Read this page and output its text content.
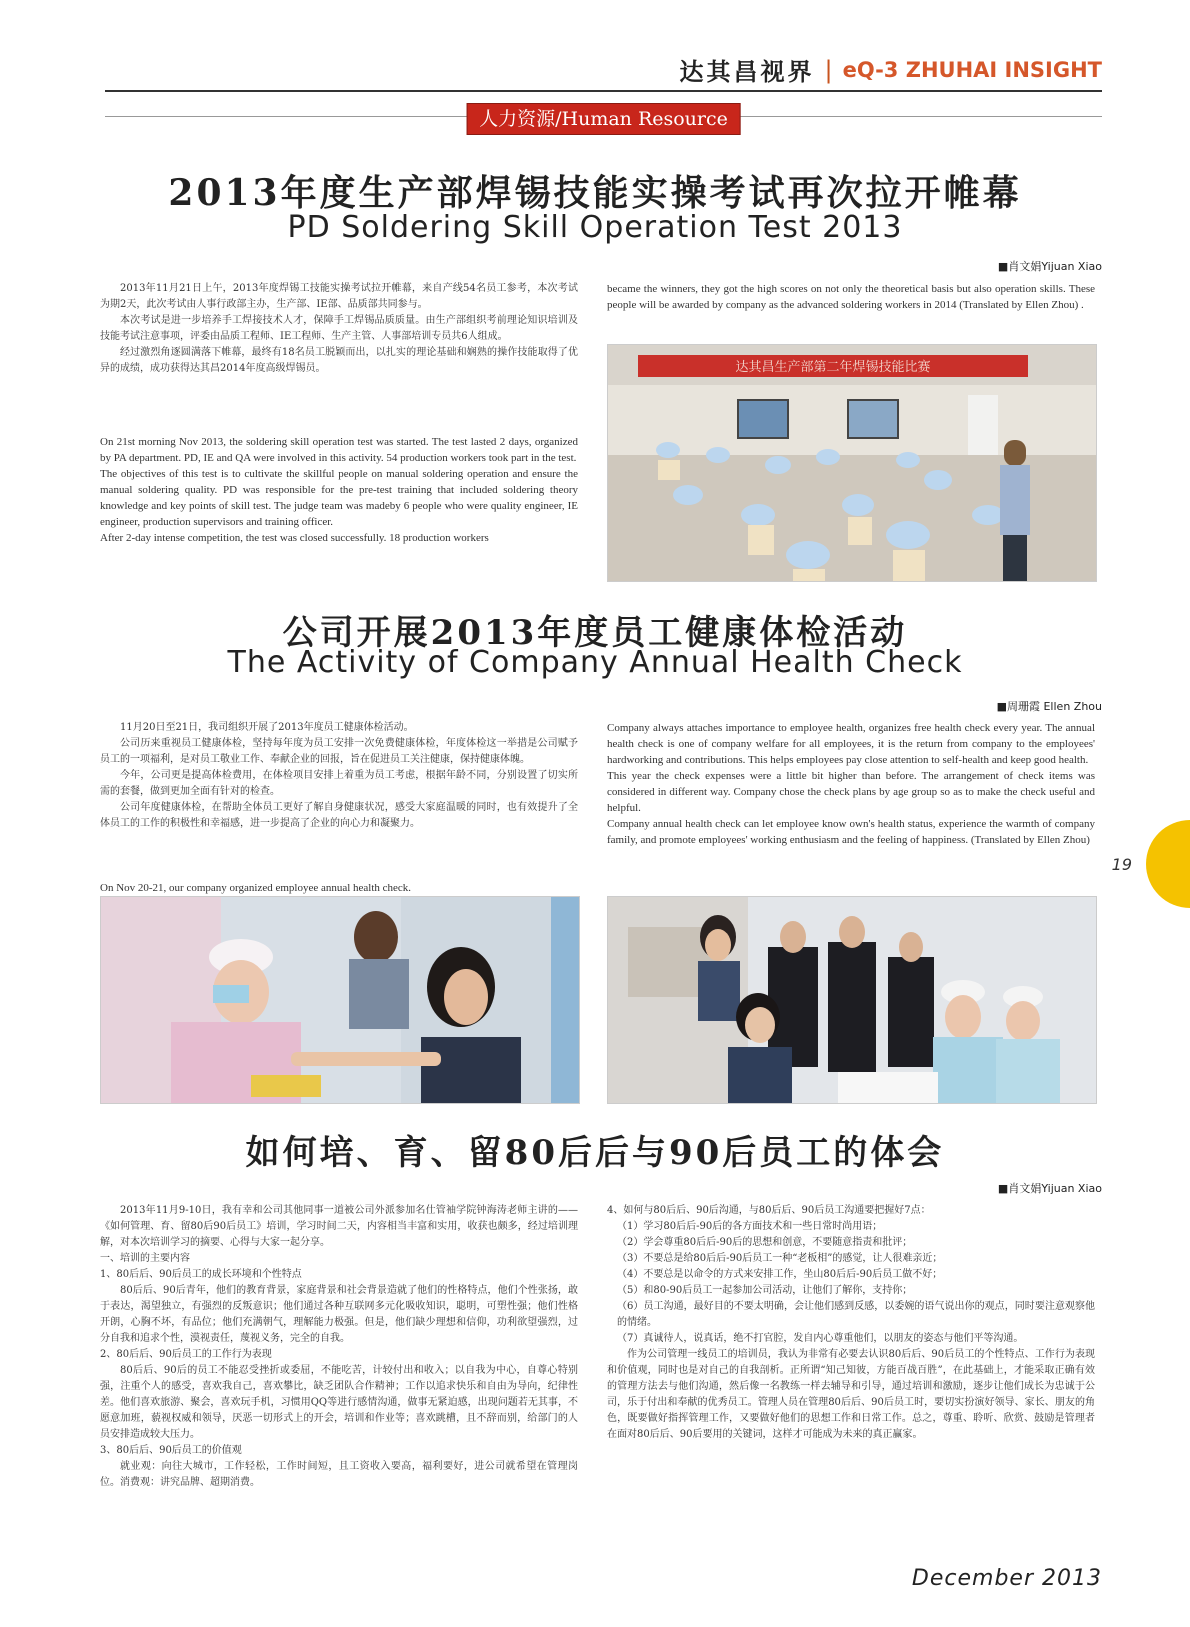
达其昌视界 | eQ-3 ZHUHAI INSIGHT
人力资源/Human Resource
2013年度生产部焊锡技能实操考试再次拉开帷幕
PD Soldering Skill Operation Test 2013
■肖文娟Yijuan Xiao

2013年11月21日上午，2013年度焊锡工技能实操考试拉开帷幕，来自产线54名员工参考，本次考试为期2天，此次考试由人事行政部主办，生产部、IE部、品质部共同参与。

本次考试是进一步培养手工焊接技术人才，保障手工焊锡品质质量。由生产部组织考前理论知识培训及技能考试注意事项，评委由品质工程师、IE工程师、生产主管、人事部培训专员共6人组成。

经过激烈角逐圆满落下帷幕，最终有18名员工脱颖而出，以扎实的理论基础和娴熟的操作技能取得了优异的成绩，成功获得达其昌2014年度高级焊锡员。

On 21st morning Nov 2013, the soldering skill operation test was started. The test lasted 2 days, organized by PA department. PD, IE and QA were involved in this activity. 54 production workers took part in the test.

The objectives of this test is to cultivate the skillful people on manual soldering operation and ensure the manual soldering quality. PD was responsible for the pre-test training that included soldering theory knowledge and key points of skill test. The judge team was madeby 6 people who were quality engineer, IE engineer, production supervisors and training officer.

After 2-day intense competition, the test was closed successfully. 18 production workers

became the winners, they got the high scores on not only the theoretical basis but also operation skills. These people will be awarded by company as the advanced soldering workers in 2014 (Translated by Ellen Zhou) .

达其昌生产部第二年焊锡技能比赛
公司开展2013年度员工健康体检活动
The Activity of Company Annual Health Check
■周珊霞 Ellen Zhou

11月20日至21日，我司组织开展了2013年度员工健康体检活动。

公司历来重视员工健康体检，坚持每年度为员工安排一次免费健康体检，年度体检这一举措是公司赋予员工的一项福利，是对员工敬业工作、奉献企业的回报，旨在促进员工关注健康，保持健康体魄。

今年，公司更是提高体检费用，在体检项目安排上着重为员工考虑，根据年龄不同，分别设置了切实所需的套餐，做到更加全面有针对的检查。

公司年度健康体检，在帮助全体员工更好了解自身健康状况，感受大家庭温暖的同时，也有效提升了全体员工的工作的积极性和幸福感，进一步提高了企业的向心力和凝聚力。

On Nov 20-21, our company organized employee annual health check.

Company always attaches importance to employee health, organizes free health check every year. The annual health check is one of company welfare for all employees, it is the return from company to the employees' hardworking and contributions. This helps employees pay close attention to self-health and keep good health.

This year the check expenses were a little bit higher than before. The arrangement of check items was considered in different way. Company chose the check plans by age group so as to make the check useful and helpful.

Company annual health check can let employee know own's health status, experience the warmth of company family, and promote employees' working enthusiasm and the feeling of happiness. (Translated by Ellen Zhou)

如何培、育、留80后后与90后员工的体会
■肖文娟Yijuan Xiao

2013年11月9-10日，我有幸和公司其他同事一道被公司外派参加名仕管袖学院钟海涛老师主讲的——《如何管理、育、留80后90后员工》培训，学习时间二天，内容相当丰富和实用，收获也颇多，经过培训理解，对本次培训学习的摘要、心得与大家一起分享。

一、培训的主要内容

1、80后后、90后员工的成长环境和个性特点

80后后、90后青年，他们的教育背景，家庭背景和社会背景造就了他们的性格特点，他们个性张扬，敢于表达，渴望独立，有强烈的反叛意识；他们通过各种互联网多元化吸收知识，聪明，可塑性强；他们性格开朗，心胸不坏，有品位；他们充满朝气，理解能力极强。但是，他们缺少理想和信仰，功利欲望强烈，过分自我和追求个性，漠视责任，蔑视义务，完全的自我。

2、80后后、90后员工的工作行为表现

80后后、90后的员工不能忍受挫折或委屈，不能吃苦，计较付出和收入；以自我为中心，自尊心特别强，注重个人的感受，喜欢我自己，喜欢攀比，缺乏团队合作精神；工作以追求快乐和自由为导向，纪律性差。他们喜欢旅游、聚会，喜欢玩手机，习惯用QQ等进行感情沟通，做事无紧迫感，出现问题若无其事，不愿意加班，藐视权威和领导，厌恶一切形式上的开会，培训和作业等；喜欢跳槽，且不辞而别，给部门的人员安排造成较大压力。

3、80后后、90后员工的价值观

就业观：向往大城市，工作轻松，工作时间短，且工资收入要高，福利要好，进公司就希望在管理岗位。消费观：讲究品牌、超期消费。

4、如何与80后后、90后沟通，与80后后、90后员工沟通要把握好7点：

（1）学习80后后-90后的各方面技术和一些日常时尚用语；

（2）学会尊重80后后-90后的思想和创意，不要随意指责和批评；

（3）不要总是给80后后-90后员工一种“老板相”的感觉，让人很难亲近；

（4）不要总是以命令的方式来安排工作，坐山80后后-90后员工做不好；

（5）和80-90后员工一起参加公司活动，让他们了解你，支持你；

（6）员工沟通，最好目的不要太明确，会让他们感到反感，以委婉的语气说出你的观点，同时要注意观察他的情绪。

（7）真诚待人，说真话，绝不打官腔，发自内心尊重他们，以朋友的姿态与他们平等沟通。

作为公司管理一线员工的培训员，我认为非常有必要去认识80后后、90后员工的个性特点、工作行为表现和价值观，同时也是对自己的自我剖析。正所谓“知己知彼，方能百战百胜”，在此基础上，才能采取正确有效的管理方法去与他们沟通，然后像一名教练一样去辅导和引导，通过培训和激励，逐步让他们成长为忠诚于公司，乐于付出和奉献的优秀员工。管理人员在管理80后后、90后员工时，要切实扮演好领导、家长、朋友的角色，既要做好指挥管理工作，又要做好他们的思想工作和日常工作。总之，尊重、聆听、欣赏、鼓励是管理者在面对80后后、90后要用的关键词，这样才可能成为未来的真正赢家。

19
December 2013
